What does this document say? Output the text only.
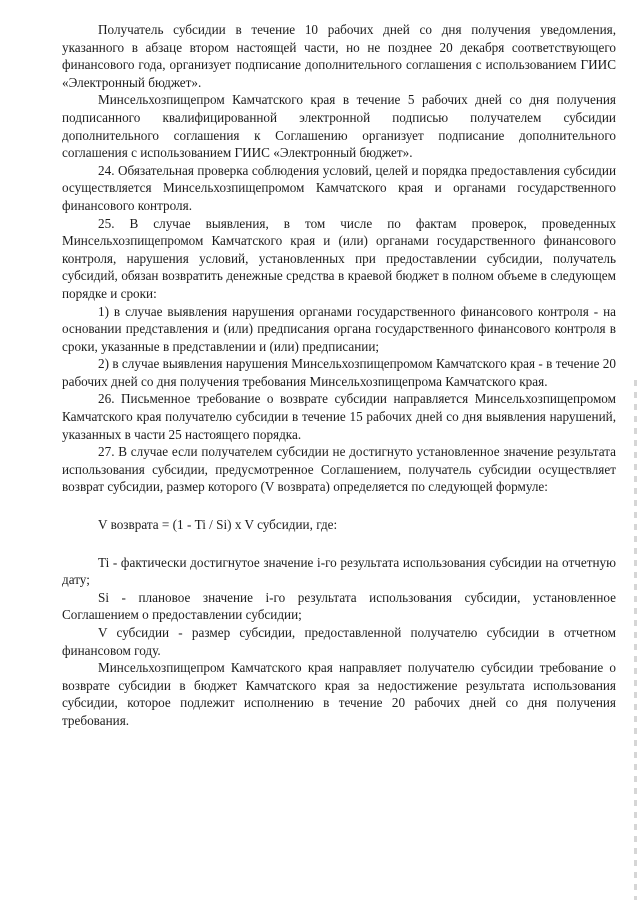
Получатель субсидии в течение 10 рабочих дней со дня получения уведомления, указанного в абзаце втором настоящей части, но не позднее 20 декабря соответствующего финансового года, организует подписание дополнительного соглашения с использованием ГИИС «Электронный бюджет».

Минсельхозпищепром Камчатского края в течение 5 рабочих дней со дня получения подписанного квалифицированной электронной подписью получателем субсидии дополнительного соглашения к Соглашению организует подписание дополнительного соглашения с использованием ГИИС «Электронный бюджет».

24. Обязательная проверка соблюдения условий, целей и порядка предоставления субсидии осуществляется Минсельхозпищепромом Камчатского края и органами государственного финансового контроля.

25. В случае выявления, в том числе по фактам проверок, проведенных Минсельхозпищепромом Камчатского края и (или) органами государственного финансового контроля, нарушения условий, установленных при предоставлении субсидии, получатель субсидий, обязан возвратить денежные средства в краевой бюджет в полном объеме в следующем порядке и сроки:

1) в случае выявления нарушения органами государственного финансового контроля - на основании представления и (или) предписания органа государственного финансового контроля в сроки, указанные в представлении и (или) предписании;

2) в случае выявления нарушения Минсельхозпищепромом Камчатского края - в течение 20 рабочих дней со дня получения требования Минсельхозпищепрома Камчатского края.

26. Письменное требование о возврате субсидии направляется Минсельхозпищепромом Камчатского края получателю субсидии в течение 15 рабочих дней со дня выявления нарушений, указанных в части 25 настоящего порядка.

27. В случае если получателем субсидии не достигнуто установленное значение результата использования субсидии, предусмотренное Соглашением, получатель субсидии осуществляет возврат субсидии, размер которого (V возврата) определяется по следующей формуле:

V возврата = (1 - Ti / Si) x V субсидии, где:

Ti - фактически достигнутое значение i-го результата использования субсидии на отчетную дату;

Si - плановое значение i-го результата использования субсидии, установленное Соглашением о предоставлении субсидии;

V субсидии - размер субсидии, предоставленной получателю субсидии в отчетном финансовом году.

Минсельхозпищепром Камчатского края направляет получателю субсидии требование о возврате субсидии в бюджет Камчатского края за недостижение результата использования субсидии, которое подлежит исполнению в течение 20 рабочих дней со дня получения требования.
